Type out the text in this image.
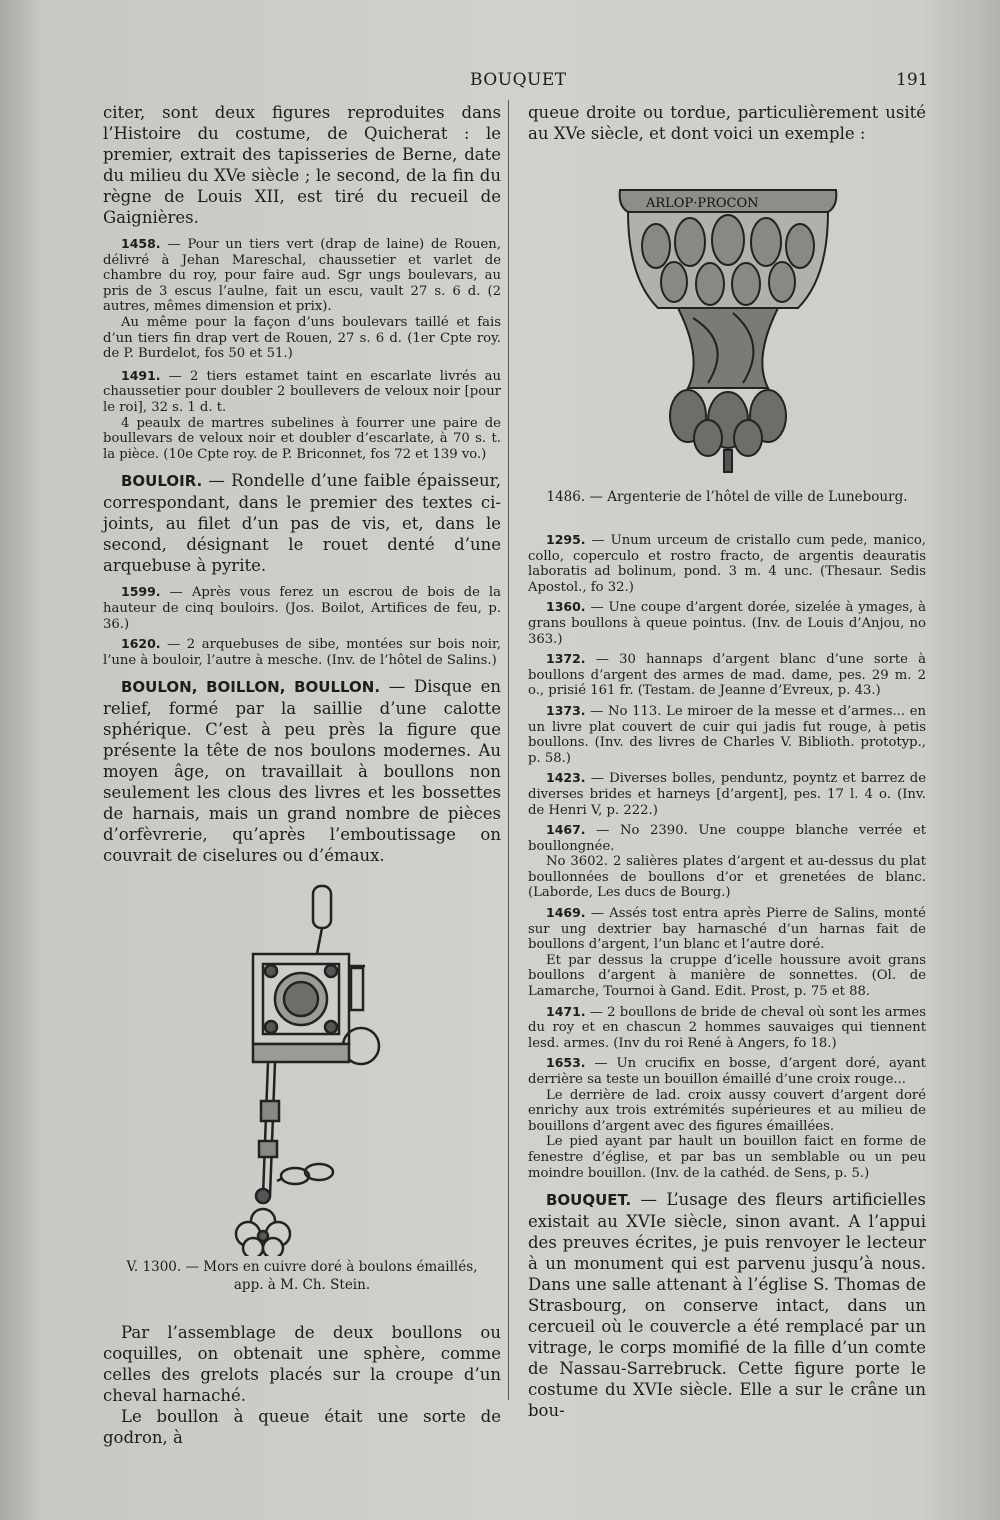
BOUQUET	191

citer, sont deux figures reproduites dans l’Histoire du costume, de Quicherat : le premier, extrait des tapisseries de Berne, date du milieu du XVe siècle ; le second, de la fin du règne de Louis XII, est tiré du recueil de Gaignières.

1458. — Pour un tiers vert (drap de laine) de Rouen, délivré à Jehan Mareschal, chaussetier et varlet de chambre du roy, pour faire aud. Sgr ungs boulevars, au pris de 3 escus l’aulne, fait un escu, vault 27 s. 6 d. (2 autres, mêmes dimension et prix).

Au même pour la façon d’uns boulevars taillé et fais d’un tiers fin drap vert de Rouen, 27 s. 6 d. (1er Cpte roy. de P. Burdelot, fos 50 et 51.)

1491. — 2 tiers estamet taint en escarlate livrés au chaussetier pour doubler 2 boullevers de veloux noir [pour le roi], 32 s. 1 d. t.

4 peaulx de martres subelines à fourrer une paire de boullevars de veloux noir et doubler d’escarlate, à 70 s. t. la pièce. (10e Cpte roy. de P. Briconnet, fos 72 et 139 vo.)

BOULOIR. — Rondelle d’une faible épaisseur, correspondant, dans le premier des textes ci-joints, au filet d’un pas de vis, et, dans le second, désignant le rouet denté d’une arquebuse à pyrite.

1599. — Après vous ferez un escrou de bois de la hauteur de cinq bouloirs. (Jos. Boilot, Artifices de feu, p. 36.)

1620. — 2 arquebuses de sibe, montées sur bois noir, l’une à bouloir, l’autre à mesche. (Inv. de l’hôtel de Salins.)

BOULON, BOILLON, BOULLON. — Disque en relief, formé par la saillie d’une calotte sphérique. C’est à peu près la figure que présente la tête de nos boulons modernes. Au moyen âge, on travaillait à boullons non seulement les clous des livres et les bossettes de harnais, mais un grand nombre de pièces d’orfèvrerie, qu’après l’emboutissage on couvrait de ciselures ou d’émaux.

V. 1300. — Mors en cuivre doré à boulons émaillés,
app. à M. Ch. Stein.

Par l’assemblage de deux boullons ou coquilles, on obtenait une sphère, comme celles des grelots placés sur la croupe d’un cheval harnaché.

Le boullon à queue était une sorte de godron, à

queue droite ou tordue, particulièrement usité au XVe siècle, et dont voici un exemple :

ARLOP·PROCON

1486. — Argenterie de l’hôtel de ville de Lunebourg.

1295. — Unum urceum de cristallo cum pede, manico, collo, coperculo et rostro fracto, de argentis deauratis laboratis ad bolinum, pond. 3 m. 4 unc. (Thesaur. Sedis Apostol., fo 32.)

1360. — Une coupe d’argent dorée, sizelée à ymages, à grans boullons à queue pointus. (Inv. de Louis d’Anjou, no 363.)

1372. — 30 hannaps d’argent blanc d’une sorte à boullons d’argent des armes de mad. dame, pes. 29 m. 2 o., prisié 161 fr. (Testam. de Jeanne d’Evreux, p. 43.)

1373. — No 113. Le miroer de la messe et d’armes... en un livre plat couvert de cuir qui jadis fut rouge, à petis boullons. (Inv. des livres de Charles V. Biblioth. prototyp., p. 58.)

1423. — Diverses bolles, penduntz, poyntz et barrez de diverses brides et harneys [d’argent], pes. 17 l. 4 o. (Inv. de Henri V, p. 222.)

1467. — No 2390. Une couppe blanche verrée et boullongnée.

No 3602. 2 salières plates d’argent et au-dessus du plat boullonnées de boullons d’or et grenetées de blanc. (Laborde, Les ducs de Bourg.)

1469. — Assés tost entra après Pierre de Salins, monté sur ung dextrier bay harnasché d’un harnas fait de boullons d’argent, l’un blanc et l’autre doré.

Et par dessus la cruppe d’icelle houssure avoit grans boullons d’argent à manière de sonnettes. (Ol. de Lamarche, Tournoi à Gand. Edit. Prost, p. 75 et 88.

1471. — 2 boullons de bride de cheval où sont les armes du roy et en chascun 2 hommes sauvaiges qui tiennent lesd. armes. (Inv du roi René à Angers, fo 18.)

1653. — Un crucifix en bosse, d’argent doré, ayant derrière sa teste un bouillon émaillé d’une croix rouge...

Le derrière de lad. croix aussy couvert d’argent doré enrichy aux trois extrémités supérieures et au milieu de bouillons d’argent avec des figures émaillées.

Le pied ayant par hault un bouillon faict en forme de fenestre d’église, et par bas un semblable ou un peu moindre bouillon. (Inv. de la cathéd. de Sens, p. 5.)

BOUQUET. — L’usage des fleurs artificielles existait au XVIe siècle, sinon avant. A l’appui des preuves écrites, je puis renvoyer le lecteur à un monument qui est parvenu jusqu’à nous. Dans une salle attenant à l’église S. Thomas de Strasbourg, on conserve intact, dans un cercueil où le couvercle a été remplacé par un vitrage, le corps momifié de la fille d’un comte de Nassau-Sarrebruck. Cette figure porte le costume du XVIe siècle. Elle a sur le crâne un bou-
